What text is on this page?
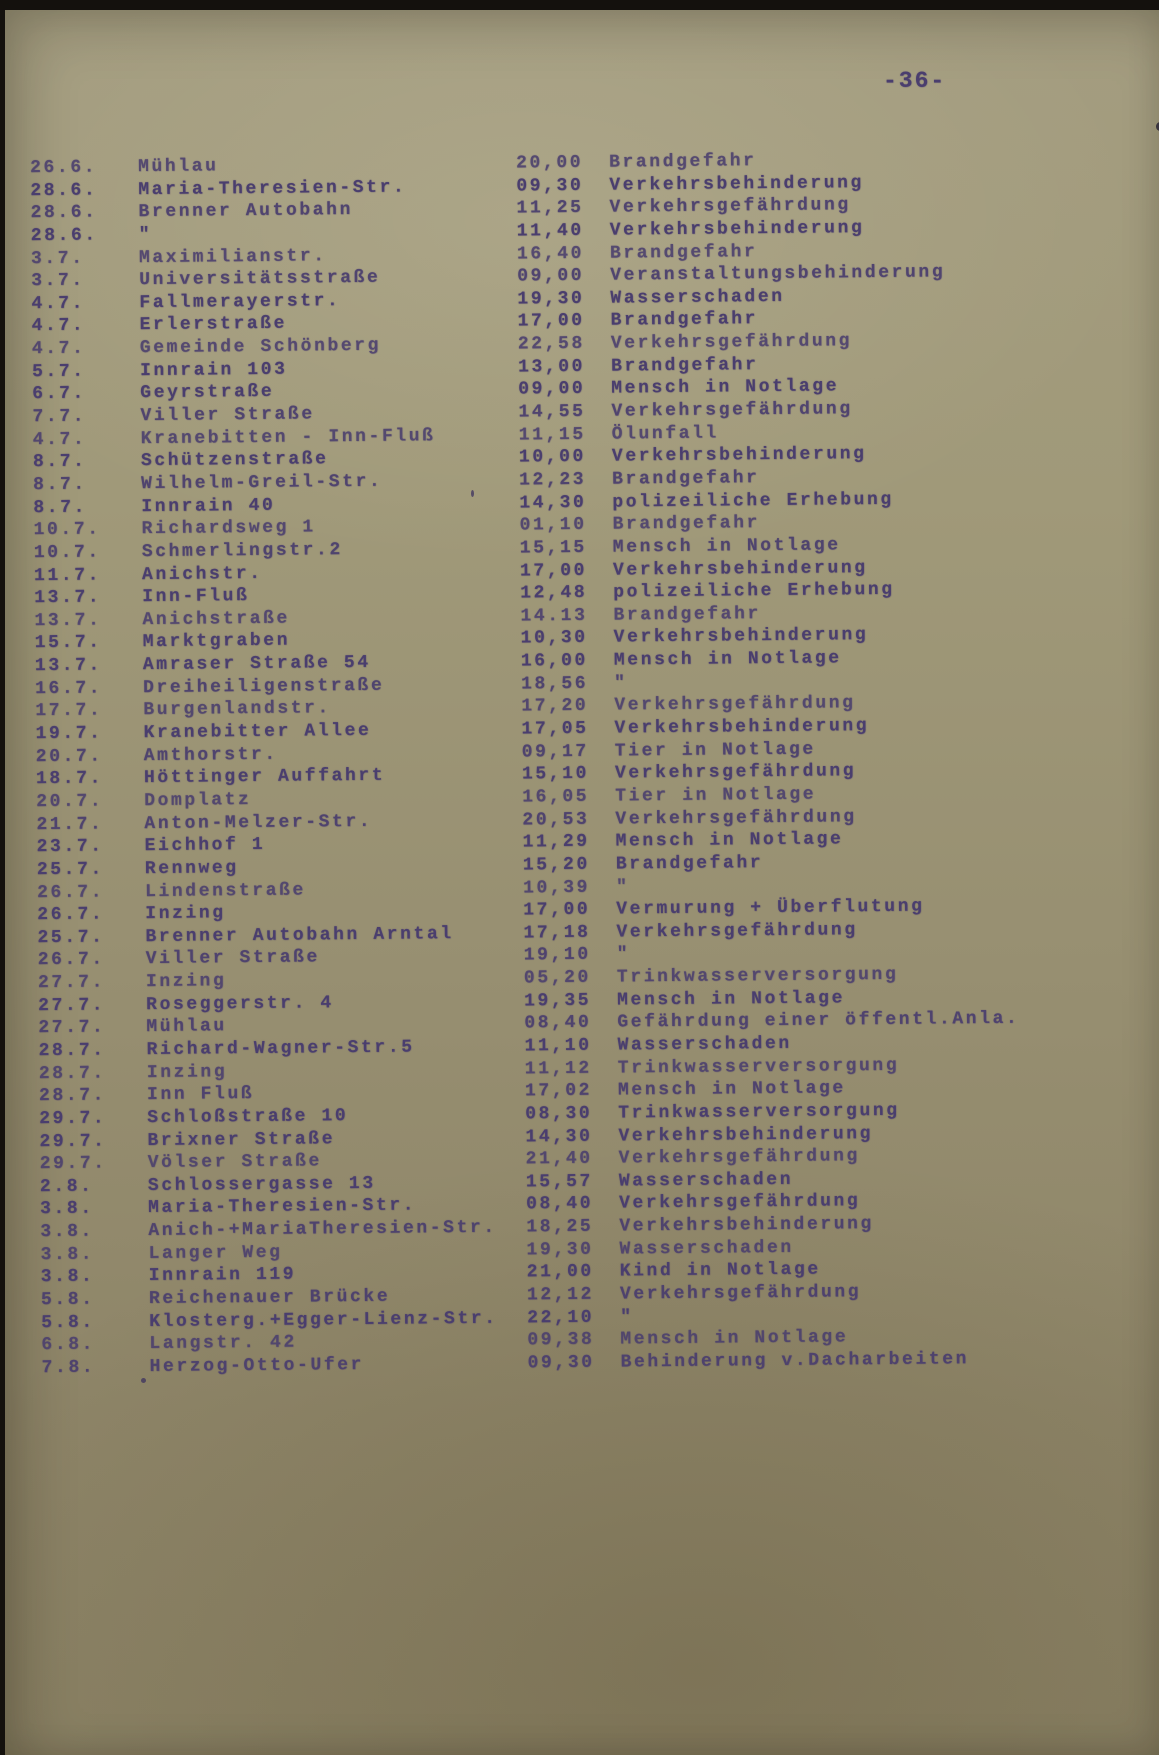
-36-
26.6. Mühlau	20,00 Brandgefahr
28.6. Maria-Theresien-Str.	09,30 Verkehrsbehinderung
28.6. Brenner Autobahn	11,25 Verkehrsgefährdung
28.6. "	11,40 Verkehrsbehinderung
3.7.	Maximilianstr.	16,40 Brandgefahr
3.7.	Universitätsstraße	09,00 Veranstaltungsbehinderung
4.7.	Fallmerayerstr.	19,30 Wasserschaden
4.7.	Erlerstraße	17,00 Brandgefahr
4.7.	Gemeinde Schönberg	22,58 Verkehrsgefährdung
5.7.	Innrain 103	13,00 Brandgefahr
6.7.	Geyrstraße	09,00 Mensch in Notlage
7.7.	Viller Straße	14,55 Verkehrsgefährdung
4.7.	Kranebitten - Inn-Fluß	11,15 Ölunfall
8.7.	Schützenstraße	10,00 Verkehrsbehinderung
8.7.	Wilhelm-Greil-Str.	12,23 Brandgefahr
8.7.	Innrain 40	14,30 polizeiliche Erhebung
10.7. Richardsweg 1	01,10 Brandgefahr
10.7. Schmerlingstr.2	15,15 Mensch in Notlage
11.7. Anichstr.	17,00 Verkehrsbehinderung
13.7. Inn-Fluß	12,48 polizeiliche Erhebung
13.7. Anichstraße	14.13 Brandgefahr
15.7. Marktgraben	10,30 Verkehrsbehinderung
13.7. Amraser Straße 54	16,00 Mensch in Notlage
16.7. Dreiheiligenstraße	18,56 "
17.7. Burgenlandstr.	17,20 Verkehrsgefährdung
19.7. Kranebitter Allee	17,05 Verkehrsbehinderung
20.7. Amthorstr.	09,17 Tier in Notlage
18.7. Höttinger Auffahrt	15,10 Verkehrsgefährdung
20.7. Domplatz	16,05 Tier in Notlage
21.7. Anton-Melzer-Str.	20,53 Verkehrsgefährdung
23.7. Eichhof 1	11,29 Mensch in Notlage
25.7. Rennweg	15,20 Brandgefahr
26.7. Lindenstraße	10,39 "
26.7. Inzing	17,00 Vermurung + Überflutung
25.7. Brenner Autobahn Arntal	17,18 Verkehrsgefährdung
26.7. Viller Straße	19,10 "
27.7. Inzing	05,20 Trinkwasserversorgung
27.7. Roseggerstr. 4	19,35 Mensch in Notlage
27.7. Mühlau	08,40 Gefährdung einer öffentl.Anla.
28.7. Richard-Wagner-Str.5	11,10 Wasserschaden
28.7. Inzing	11,12 Trinkwasserversorgung
28.7. Inn Fluß	17,02 Mensch in Notlage
29.7. Schloßstraße 10	08,30 Trinkwasserversorgung
29.7. Brixner Straße	14,30 Verkehrsbehinderung
29.7. Völser Straße	21,40 Verkehrsgefährdung
2.8.	Schlossergasse 13	15,57 Wasserschaden
3.8.	Maria-Theresien-Str.	08,40 Verkehrsgefährdung
3.8.	Anich-+MariaTheresien-Str. 18,25 Verkehrsbehinderung
3.8.	Langer Weg	19,30 Wasserschaden
3.8.	Innrain 119	21,00 Kind in Notlage
5.8.	Reichenauer Brücke	12,12 Verkehrsgefährdung
5.8.	Klosterg.+Egger-Lienz-Str. 22,10 "
6.8.	Langstr. 42	09,38 Mensch in Notlage
7.8.	Herzog-Otto-Ufer	09,30 Behinderung v.Dacharbeiten
